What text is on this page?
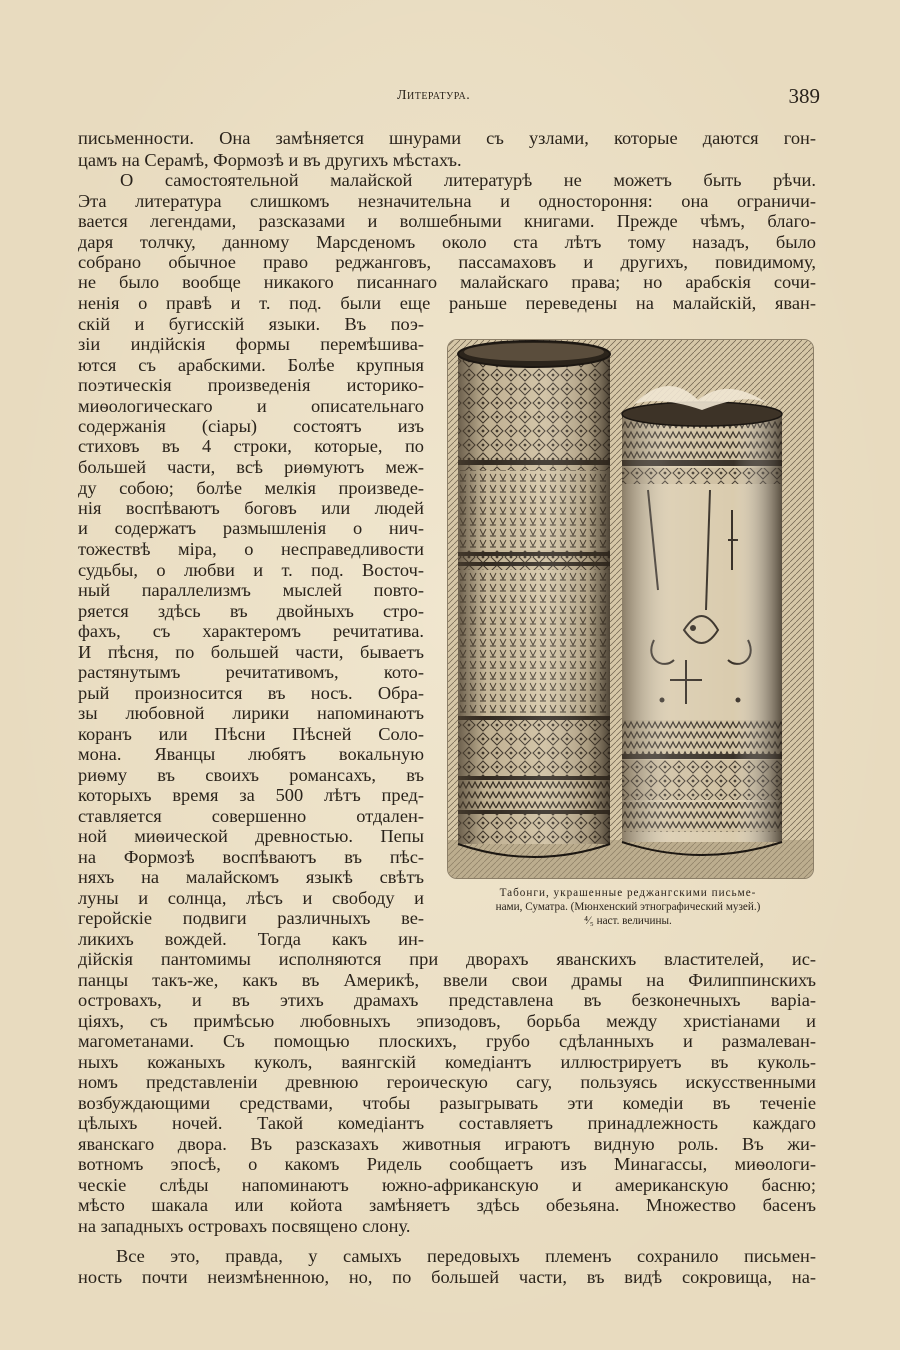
Литература.	389
письменности. Она замѣняется шнурами съ узлами, которые даются гон-
цамъ на Серамѣ, Формозѣ и въ другихъ мѣстахъ.
О самостоятельной малайской литературѣ не можетъ быть рѣчи.
Эта литература слишкомъ незначительна и одностороння: она ограничи-
вается легендами, разсказами и волшебными книгами. Прежде чѣмъ, благо-
даря толчку, данному Марсденомъ около ста лѣтъ тому назадъ, было
собрано обычное право реджанговъ, пассамаховъ и другихъ, повидимому,
не было вообще никакого писаннаго малайскаго права; но арабскія сочи-
ненія о правѣ и т. под. были еще раньше переведены на малайскій, яван-
скій и бугисскій языки. Въ поэ-
зіи индійскія формы перемѣшива-
ются съ арабскими. Болѣе крупныя
поэтическія произведенія историко-
миѳологическаго и описательнаго
содержанія (сіары) состоятъ изъ
стиховъ въ 4 строки, которые, по
большей части, всѣ риѳмуютъ меж-
ду собою; болѣе мелкія произведе-
нія воспѣваютъ боговъ или людей
и содержатъ размышленія о нич-
тожествѣ міра, о несправедливости
судьбы, о любви и т. под. Восточ-
ный параллелизмъ мыслей повто-
ряется здѣсь въ двойныхъ стро-
фахъ, съ характеромъ речитатива.
И пѣсня, по большей части, бываетъ
растянутымъ речитативомъ, кото-
рый произносится въ носъ. Обра-
зы любовной лирики напоминаютъ
коранъ или Пѣсни Пѣсней Соло-
мона. Яванцы любятъ вокальную
риѳму въ своихъ романсахъ, въ
которыхъ время за 500 лѣтъ пред-
ставляется совершенно отдален-
ной миѳической древностью. Пепы
на Формозѣ воспѣваютъ въ пѣс-
няхъ на малайскомъ языкѣ свѣтъ
луны и солнца, лѣсъ и свободу и
геройскіе подвиги различныхъ ве-
ликихъ вождей. Тогда какъ ин-
дійскія пантомимы исполняются при дворахъ яванскихъ властителей, ис-
панцы такъ-же, какъ въ Америкѣ, ввели свои драмы на Филиппинскихъ
островахъ, и въ этихъ драмахъ представлена въ безконечныхъ варіа-
ціяхъ, съ примѣсью любовныхъ эпизодовъ, борьба между христіанами и
магометанами. Съ помощью плоскихъ, грубо сдѣланныхъ и размалеван-
ныхъ кожаныхъ куколъ, ваянгскій комедіантъ иллюстрируетъ въ куколь-
номъ представленіи древнюю героическую сагу, пользуясь искусственными
возбуждающими средствами, чтобы разыгрывать эти комедіи въ теченіе
цѣлыхъ ночей. Такой комедіантъ составляетъ принадлежность каждаго
яванскаго двора. Въ разсказахъ животныя играютъ видную роль. Въ жи-
вотномъ эпосѣ, о какомъ Ридель сообщаетъ изъ Минагассы, миѳологи-
ческіе слѣды напоминаютъ южно-африканскую и американскую басню;
мѣсто шакала или койота замѣняетъ здѣсь обезьяна. Множество басенъ
на западныхъ островахъ посвящено слону.
Все это, правда, у самыхъ передовыхъ племенъ сохранило письмен-
ность почти неизмѣненною, но, по большей части, въ видѣ сокровища, на-
Табонги, украшенные реджангскими письме-
нами, Суматра. (Мюнхенский этнографический музей.)
⁴⁄₅ наст. величины.
